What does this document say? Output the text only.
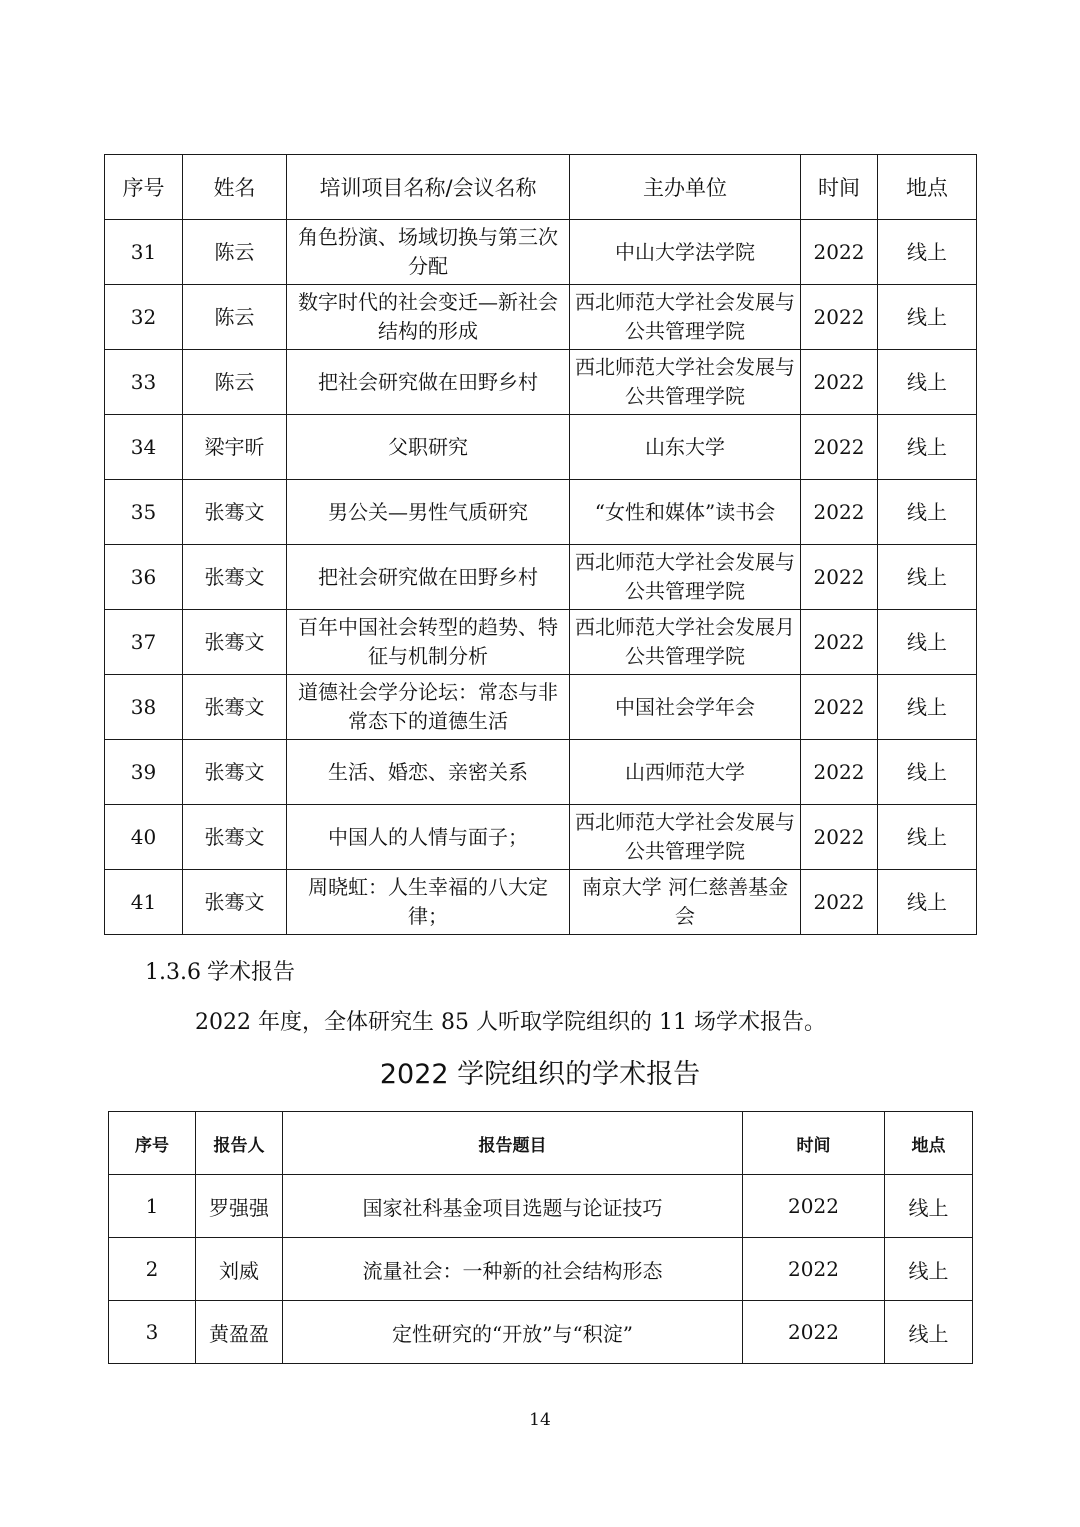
序号	姓名	培训项目名称/会议名称	主办单位	时间	地点
31	陈云	角色扮演、场域切换与第三次分配	中山大学法学院	2022	线上
32	陈云	数字时代的社会变迁—新社会结构的形成	西北师范大学社会发展与公共管理学院	2022	线上
33	陈云	把社会研究做在田野乡村	西北师范大学社会发展与公共管理学院	2022	线上
34	梁宇昕	父职研究	山东大学	2022	线上
35	张骞文	男公关—男性气质研究	“女性和媒体”读书会	2022	线上
36	张骞文	把社会研究做在田野乡村	西北师范大学社会发展与公共管理学院	2022	线上
37	张骞文	百年中国社会转型的趋势、特征与机制分析	西北师范大学社会发展月公共管理学院	2022	线上
38	张骞文	道德社会学分论坛：常态与非常态下的道德生活	中国社会学年会	2022	线上
39	张骞文	生活、婚恋、亲密关系	山西师范大学	2022	线上
40	张骞文	中国人的人情与面子；	西北师范大学社会发展与公共管理学院	2022	线上
41	张骞文	周晓虹：人生幸福的八大定律；	南京大学 河仁慈善基金会	2022	线上
1.3.6 学术报告
2022 年度，全体研究生 85 人听取学院组织的 11 场学术报告。
2022 学院组织的学术报告
序号	报告人	报告题目	时间	地点
1	罗强强	国家社科基金项目选题与论证技巧	2022	线上
2	刘威	流量社会：一种新的社会结构形态	2022	线上
3	黄盈盈	定性研究的“开放”与“积淀”	2022	线上
14
